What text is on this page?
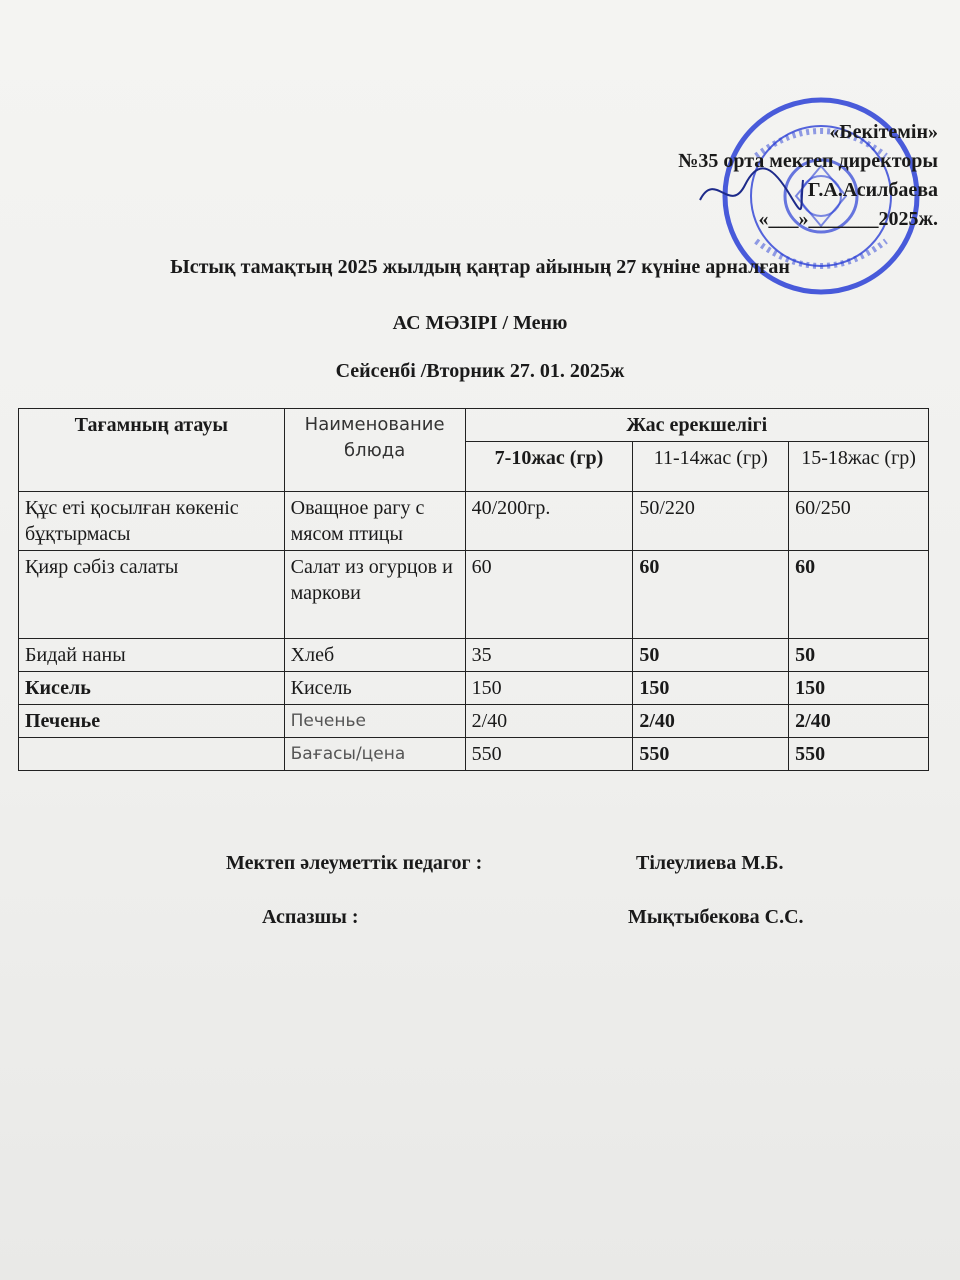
«Бекітемін»
№35 орта мектеп директоры
Г.А.Асилбаева
«___»_______2025ж.
Ыстық тамақтың 2025 жылдың қаңтар айының 27 күніне арналған
АС МӘЗІРІ / Меню
Сейсенбі /Вторник 27. 01. 2025ж
Тағамның атауы	Наименование блюда	Жас ерекшелігі		
		7-10жас (гр)	11-14жас (гр)	15-18жас (гр)
Құс еті қосылған көкеніс бұқтырмасы	Оващное рагу с мясом птицы	40/200гр.	50/220	60/250
Қияр сәбіз салаты	Салат из огурцов и маркови	60	60	60
Бидай наны	Хлеб	35	50	50
Кисель	Кисель	150	150	150
Печенье	Печенье	2/40	2/40	2/40
	Бағасы/цена	550	550	550
Мектеп әлеуметтік педагог :	Тілеулиева М.Б.
Аспазшы :	Мықтыбекова С.С.
